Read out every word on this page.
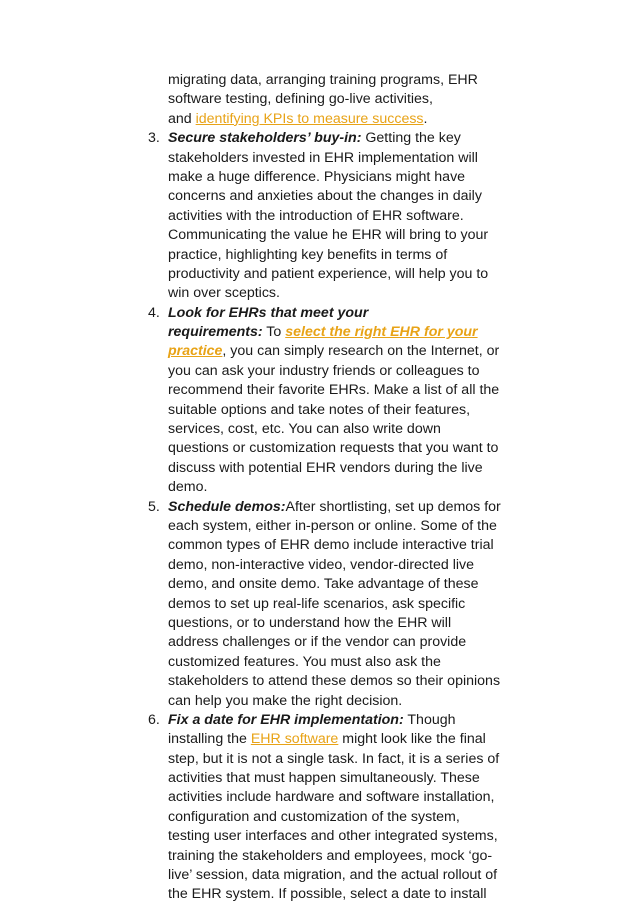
migrating data, arranging training programs, EHR
software testing, defining go-live activities,
and identifying KPIs to measure success.
3. Secure stakeholders’ buy-in: Getting the key
stakeholders invested in EHR implementation will
make a huge difference. Physicians might have
concerns and anxieties about the changes in daily
activities with the introduction of EHR software.
Communicating the value he EHR will bring to your
practice, highlighting key benefits in terms of
productivity and patient experience, will help you to
win over sceptics.
4. Look for EHRs that meet your
requirements: To select the right EHR for your
practice, you can simply research on the Internet, or
you can ask your industry friends or colleagues to
recommend their favorite EHRs. Make a list of all the
suitable options and take notes of their features,
services, cost, etc. You can also write down
questions or customization requests that you want to
discuss with potential EHR vendors during the live
demo.
5. Schedule demos:After shortlisting, set up demos for
each system, either in-person or online. Some of the
common types of EHR demo include interactive trial
demo, non-interactive video, vendor-directed live
demo, and onsite demo. Take advantage of these
demos to set up real-life scenarios, ask specific
questions, or to understand how the EHR will
address challenges or if the vendor can provide
customized features. You must also ask the
stakeholders to attend these demos so their opinions
can help you make the right decision.
6. Fix a date for EHR implementation: Though
installing the EHR software might look like the final
step, but it is not a single task. In fact, it is a series of
activities that must happen simultaneously. These
activities include hardware and software installation,
configuration and customization of the system,
testing user interfaces and other integrated systems,
training the stakeholders and employees, mock ‘go-
live’ session, data migration, and the actual rollout of
the EHR system. If possible, select a date to install
